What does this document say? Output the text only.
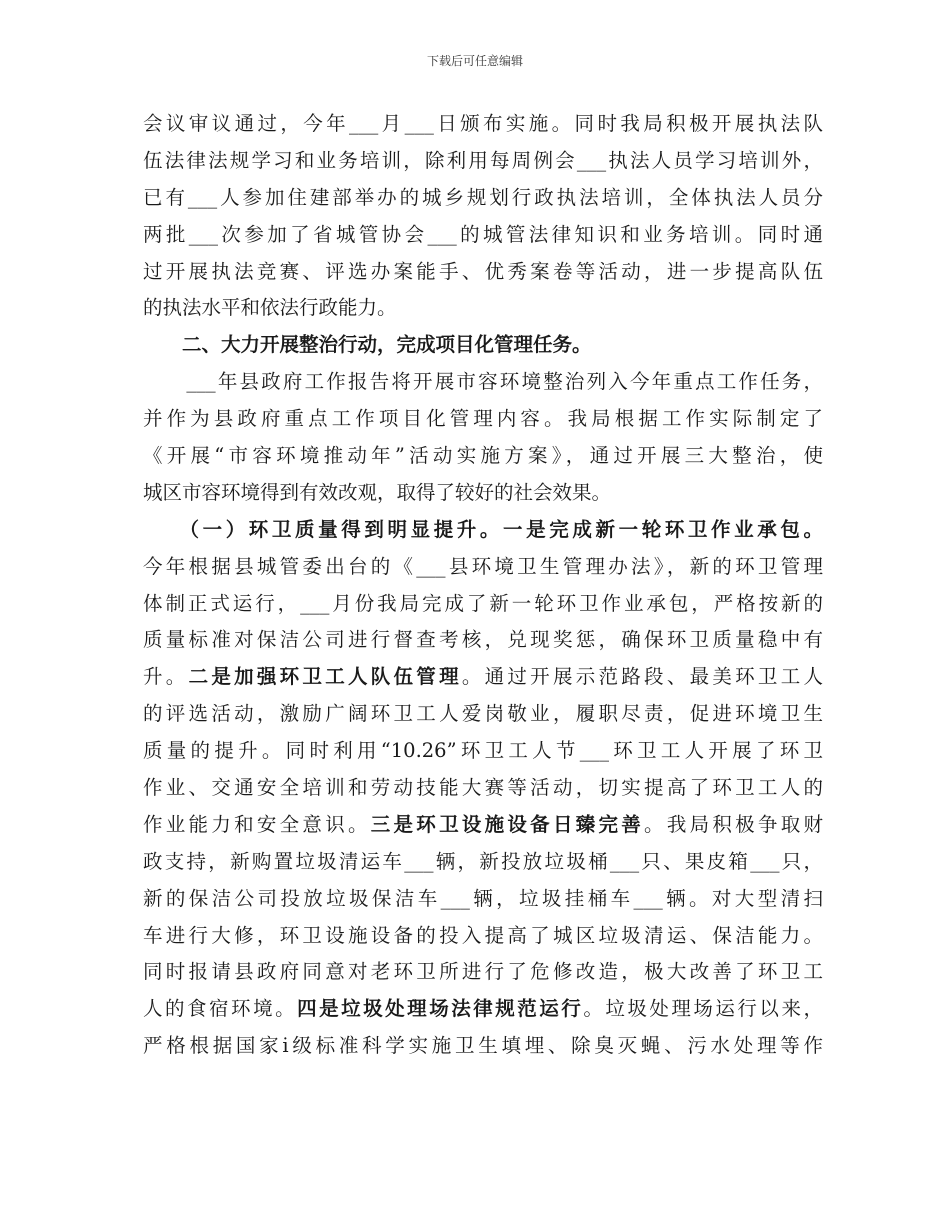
下载后可任意编辑
会议审议通过，今年___月___日颁布实施。同时我局积极开展执法队
伍法律法规学习和业务培训，除利用每周例会___执法人员学习培训外，
已有___人参加住建部举办的城乡规划行政执法培训，全体执法人员分
两批___次参加了省城管协会___的城管法律知识和业务培训。同时通
过开展执法竞赛、评选办案能手、优秀案卷等活动，进一步提高队伍
的执法水平和依法行政能力。
　　二、大力开展整治行动，完成项目化管理任务。
　　___年县政府工作报告将开展市容环境整治列入今年重点工作任务，
并作为县政府重点工作项目化管理内容。我局根据工作实际制定了
《开展“市容环境推动年”活动实施方案》，通过开展三大整治，使
城区市容环境得到有效改观，取得了较好的社会效果。
　　（一）环卫质量得到明显提升。一是完成新一轮环卫作业承包。
今年根据县城管委出台的《___县环境卫生管理办法》，新的环卫管理
体制正式运行，___月份我局完成了新一轮环卫作业承包，严格按新的
质量标准对保洁公司进行督查考核，兑现奖惩，确保环卫质量稳中有
升。二是加强环卫工人队伍管理。通过开展示范路段、最美环卫工人
的评选活动，激励广阔环卫工人爱岗敬业，履职尽责，促进环境卫生
质量的提升。同时利用“10.26”环卫工人节___环卫工人开展了环卫
作业、交通安全培训和劳动技能大赛等活动，切实提高了环卫工人的
作业能力和安全意识。三是环卫设施设备日臻完善。我局积极争取财
政支持，新购置垃圾清运车___辆，新投放垃圾桶___只、果皮箱___只，
新的保洁公司投放垃圾保洁车___辆，垃圾挂桶车___辆。对大型清扫
车进行大修，环卫设施设备的投入提高了城区垃圾清运、保洁能力。
同时报请县政府同意对老环卫所进行了危修改造，极大改善了环卫工
人的食宿环境。四是垃圾处理场法律规范运行。垃圾处理场运行以来，
严格根据国家ⅰ级标准科学实施卫生填埋、除臭灭蝇、污水处理等作
